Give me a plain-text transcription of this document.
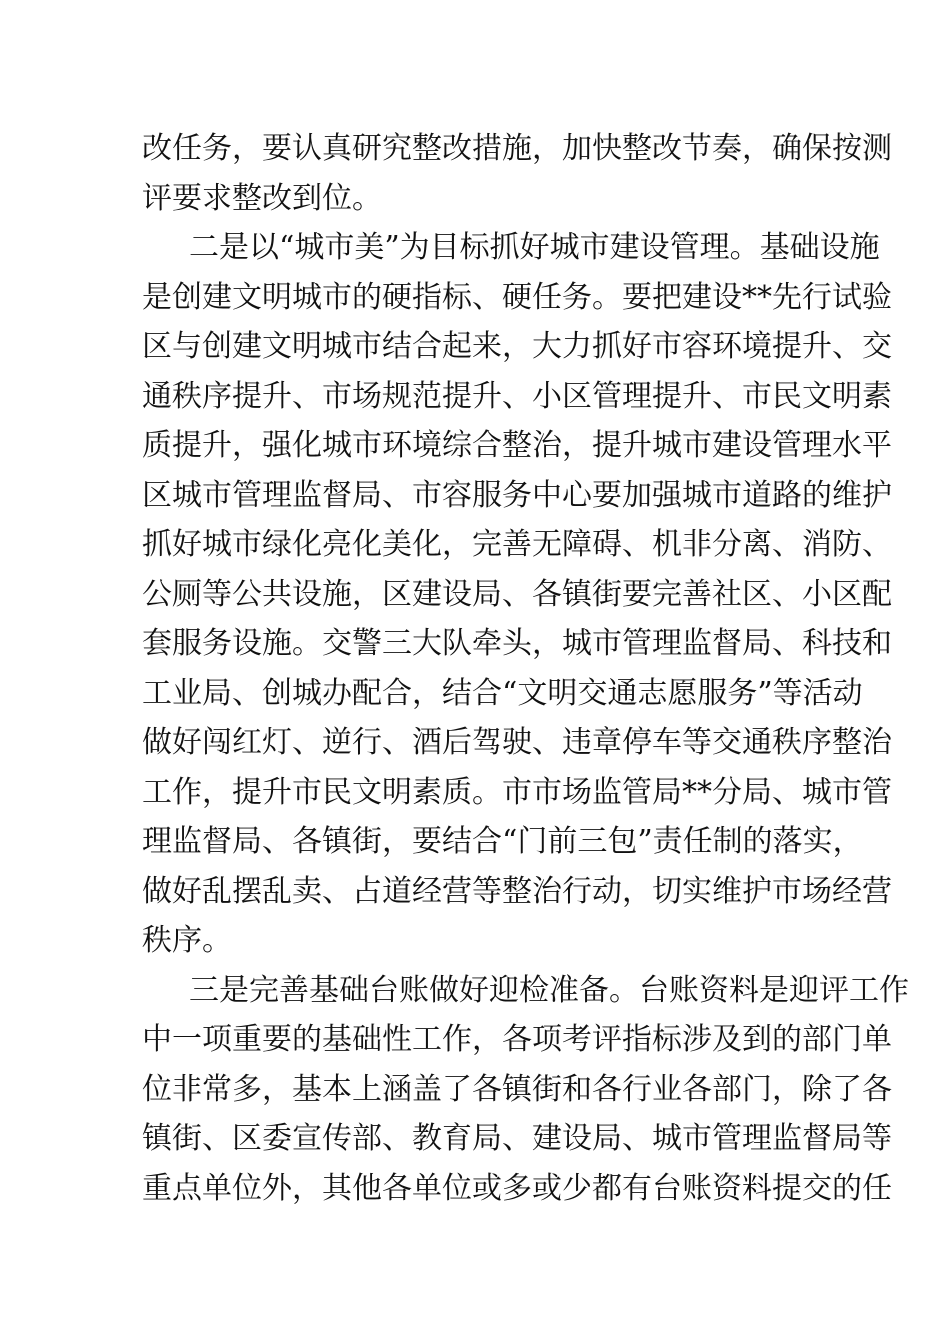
改任务，要认真研究整改措施，加快整改节奏，确保按测
评要求整改到位。
二是以“城市美”为目标抓好城市建设管理。基础设施
是创建文明城市的硬指标、硬任务。要把建设**先行试验
区与创建文明城市结合起来，大力抓好市容环境提升、交
通秩序提升、市场规范提升、小区管理提升、市民文明素
质提升，强化城市环境综合整治，提升城市建设管理水平
区城市管理监督局、市容服务中心要加强城市道路的维护
抓好城市绿化亮化美化，完善无障碍、机非分离、消防、
公厕等公共设施，区建设局、各镇街要完善社区、小区配
套服务设施。交警三大队牵头，城市管理监督局、科技和
工业局、创城办配合，结合“文明交通志愿服务”等活动
做好闯红灯、逆行、酒后驾驶、违章停车等交通秩序整治
工作，提升市民文明素质。市市场监管局**分局、城市管
理监督局、各镇街，要结合“门前三包”责任制的落实，
做好乱摆乱卖、占道经营等整治行动，切实维护市场经营
秩序。
三是完善基础台账做好迎检准备。台账资料是迎评工作
中一项重要的基础性工作，各项考评指标涉及到的部门单
位非常多，基本上涵盖了各镇街和各行业各部门，除了各
镇街、区委宣传部、教育局、建设局、城市管理监督局等
重点单位外，其他各单位或多或少都有台账资料提交的任
